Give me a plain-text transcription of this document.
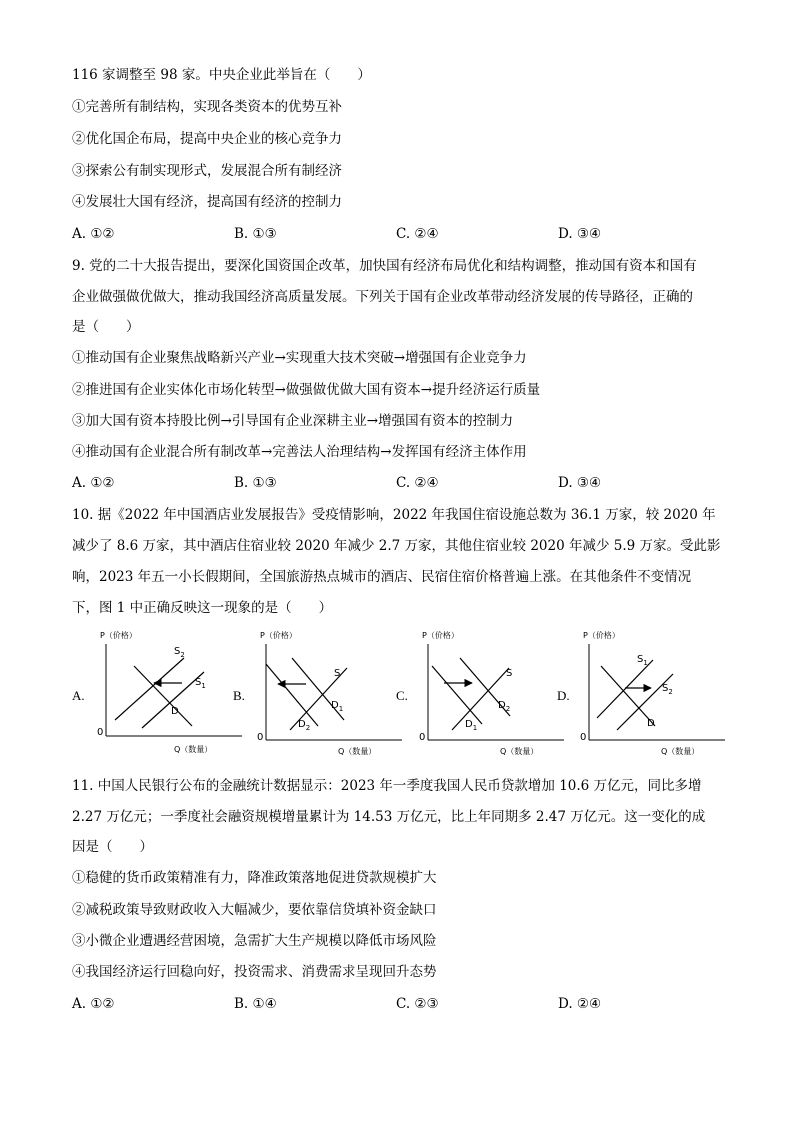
116 家调整至 98 家。中央企业此举旨在（　　）
①完善所有制结构，实现各类资本的优势互补
②优化国企布局，提高中央企业的核心竞争力
③探索公有制实现形式，发展混合所有制经济
④发展壮大国有经济，提高国有经济的控制力
A. ①②	B. ①③	C. ②④	D. ③④
9. 党的二十大报告提出，要深化国资国企改革，加快国有经济布局优化和结构调整，推动国有资本和国有
企业做强做优做大，推动我国经济高质量发展。下列关于国有企业改革带动经济发展的传导路径，正确的
是（　　）
①推动国有企业聚焦战略新兴产业→实现重大技术突破→增强国有企业竞争力
②推进国有企业实体化市场化转型→做强做优做大国有资本→提升经济运行质量
③加大国有资本持股比例→引导国有企业深耕主业→增强国有资本的控制力
④推动国有企业混合所有制改革→完善法人治理结构→发挥国有经济主体作用
A. ①②	B. ①③	C. ②④	D. ③④
10. 据《2022 年中国酒店业发展报告》受疫情影响，2022 年我国住宿设施总数为 36.1 万家，较 2020 年
减少了 8.6 万家，其中酒店住宿业较 2020 年减少 2.7 万家，其他住宿业较 2020 年减少 5.9 万家。受此影
响，2023 年五一小长假期间，全国旅游热点城市的酒店、民宿住宿价格普遍上涨。在其他条件不变情况
下，图 1 中正确反映这一现象的是（　　）
A.	B.	C.	D.
P（价格）
0
Q（数量）
$S_2$
$S_1$
D
P（价格）
0
Q（数量）
S
$D_1$
$D_2$
P（价格）
0
Q（数量）
S
$D_2$
$D_1$
P（价格）
0
Q（数量）
$S_1$
$S_2$
D
11. 中国人民银行公布的金融统计数据显示：2023 年一季度我国人民币贷款增加 10.6 万亿元，同比多增
2.27 万亿元；一季度社会融资规模增量累计为 14.53 万亿元，比上年同期多 2.47 万亿元。这一变化的成
因是（　　）
①稳健的货币政策精准有力，降准政策落地促进贷款规模扩大
②减税政策导致财政收入大幅减少，要依靠信贷填补资金缺口
③小微企业遭遇经营困境，急需扩大生产规模以降低市场风险
④我国经济运行回稳向好，投资需求、消费需求呈现回升态势
A. ①②	B. ①④	C. ②③	D. ②④
